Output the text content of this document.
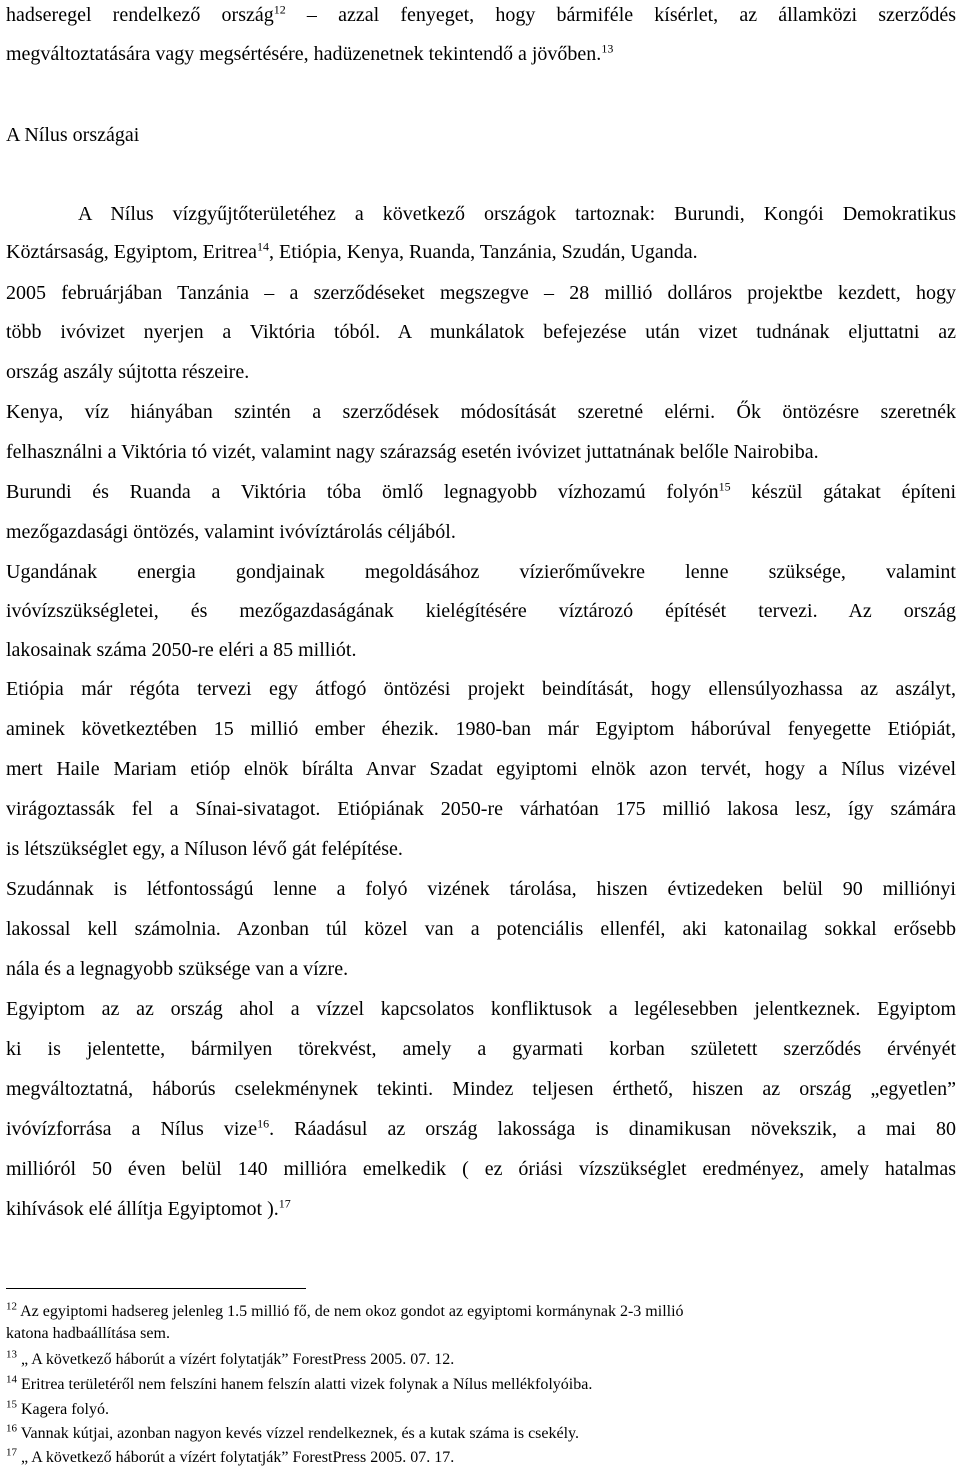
hadseregel rendelkező ország$^{12}$ – azzal fenyeget, hogy bármiféle kísérlet, az államközi szerződés
megváltoztatására vagy megsértésére, hadüzenetnek tekintendő a jövőben.$^{13}$
A Nílus országai
A Nílus vízgyűjtőterületéhez a következő országok tartoznak: Burundi, Kongói Demokratikus
Köztársaság, Egyiptom, Eritrea$^{14}$, Etiópia, Kenya, Ruanda, Tanzánia, Szudán, Uganda.
2005 februárjában Tanzánia – a szerződéseket megszegve – 28 millió dolláros projektbe kezdett, hogy
több ivóvizet nyerjen a Viktória tóból. A munkálatok befejezése után vizet tudnának eljuttatni az
ország aszály sújtotta részeire.
Kenya, víz hiányában szintén a szerződések módosítását szeretné elérni. Ők öntözésre szeretnék
felhasználni a Viktória tó vizét, valamint nagy szárazság esetén ivóvizet juttatnának belőle Nairobiba.
Burundi és Ruanda a Viktória tóba ömlő legnagyobb vízhozamú folyón$^{15}$ készül gátakat építeni
mezőgazdasági öntözés, valamint ivóvíztárolás céljából.
Ugandának energia gondjainak megoldásához vízierőművekre lenne szüksége, valamint
ivóvízszükségletei, és mezőgazdaságának kielégítésére víztározó építését tervezi. Az ország
lakosainak száma 2050-re eléri a 85 milliót.
Etiópia már régóta tervezi egy átfogó öntözési projekt beindítását, hogy ellensúlyozhassa az aszályt,
aminek következtében 15 millió ember éhezik. 1980-ban már Egyiptom háborúval fenyegette Etiópiát,
mert Haile Mariam etióp elnök bírálta Anvar Szadat egyiptomi elnök azon tervét, hogy a Nílus vizével
virágoztassák fel a Sínai-sivatagot. Etiópiának 2050-re várhatóan 175 millió lakosa lesz, így számára
is létszükséglet egy, a Níluson lévő gát felépítése.
Szudánnak is létfontosságú lenne a folyó vizének tárolása, hiszen évtizedeken belül 90 milliónyi
lakossal kell számolnia. Azonban túl közel van a potenciális ellenfél, aki katonailag sokkal erősebb
nála és a legnagyobb szüksége van a vízre.
Egyiptom az az ország ahol a vízzel kapcsolatos konfliktusok a legélesebben jelentkeznek. Egyiptom
ki is jelentette, bármilyen törekvést, amely a gyarmati korban született szerződés érvényét
megváltoztatná, háborús cselekménynek tekinti. Mindez teljesen érthető, hiszen az ország „egyetlen”
ivóvízforrása a Nílus vize$^{16}$. Ráadásul az ország lakossága is dinamikusan növekszik, a mai 80
millióról 50 éven belül 140 millióra emelkedik ( ez óriási vízszükséglet eredményez, amely hatalmas
kihívások elé állítja Egyiptomot ).$^{17}$
$^{12}$ Az egyiptomi hadsereg jelenleg 1.5 millió fő, de nem okoz gondot az egyiptomi kormánynak 2-3 millió
katona hadbaállítása sem.
$^{13}$ „ A következő háborút a vízért folytatják” ForestPress 2005. 07. 12.
$^{14}$ Eritrea területéről nem felszíni hanem felszín alatti vizek folynak a Nílus mellékfolyóiba.
$^{15}$ Kagera folyó.
$^{16}$ Vannak kútjai, azonban nagyon kevés vízzel rendelkeznek, és a kutak száma is csekély.
$^{17}$ „ A következő háborút a vízért folytatják” ForestPress 2005. 07. 17.
